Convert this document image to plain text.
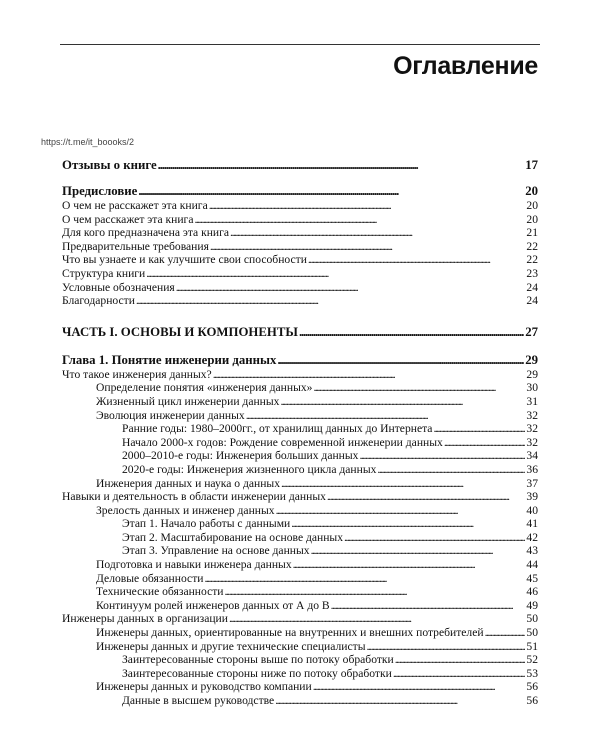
Оглавление
https://t.me/it_boooks/2
Отзывы о книге . . .	17
Предисловие . . .	20
О чем не расскажет эта книга . . .	20
О чем расскажет эта книга . . .	20
Для кого предназначена эта книга . . .	21
Предварительные требования . . .	22
Что вы узнаете и как улучшите свои способности . . .	22
Структура книги . . .	23
Условные обозначения . . .	24
Благодарности . . .	24
ЧАСТЬ I. ОСНОВЫ И КОМПОНЕНТЫ . . .	27
Глава 1. Понятие инженерии данных . . .	29
Что такое инженерия данных? . . .	29
Определение понятия «инженерия данных» . . .	30
Жизненный цикл инженерии данных . . .	31
Эволюция инженерии данных . . .	32
Ранние годы: 1980–2000гг., от хранилищ данных до Интернета . . .	32
Начало 2000-х годов: Рождение современной инженерии данных . . .	32
2000–2010-е годы: Инженерия больших данных . . .	34
2020-е годы: Инженерия жизненного цикла данных . . .	36
Инженерия данных и наука о данных . . .	37
Навыки и деятельность в области инженерии данных . . .	39
Зрелость данных и инженер данных . . .	40
Этап 1. Начало работы с данными . . .	41
Этап 2. Масштабирование на основе данных . . .	42
Этап 3. Управление на основе данных . . .	43
Подготовка и навыки инженера данных . . .	44
Деловые обязанности . . .	45
Технические обязанности . . .	46
Континуум ролей инженеров данных от А до В . . .	49
Инженеры данных в организации . . .	50
Инженеры данных, ориентированные на внутренних и внешних потребителей . . .	50
Инженеры данных и другие технические специалисты . . .	51
Заинтересованные стороны выше по потоку обработки . . .	52
Заинтересованные стороны ниже по потоку обработки . . .	53
Инженеры данных и руководство компании . . .	56
Данные в высшем руководстве . . .	56
